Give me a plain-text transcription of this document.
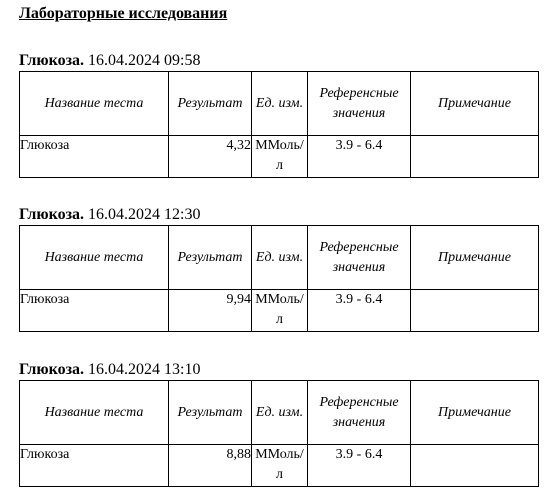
Лабораторные исследования
Глюкоза. 16.04.2024 09:58
Название теста	Результат	Ед. изм.	Референсные значения	Примечание
Глюкоза	4,32	ММоль/ л	3.9 - 6.4	
Глюкоза. 16.04.2024 12:30
Название теста	Результат	Ед. изм.	Референсные значения	Примечание
Глюкоза	9,94	ММоль/ л	3.9 - 6.4	
Глюкоза. 16.04.2024 13:10
Название теста	Результат	Ед. изм.	Референсные значения	Примечание
Глюкоза	8,88	ММоль/ л	3.9 - 6.4	
